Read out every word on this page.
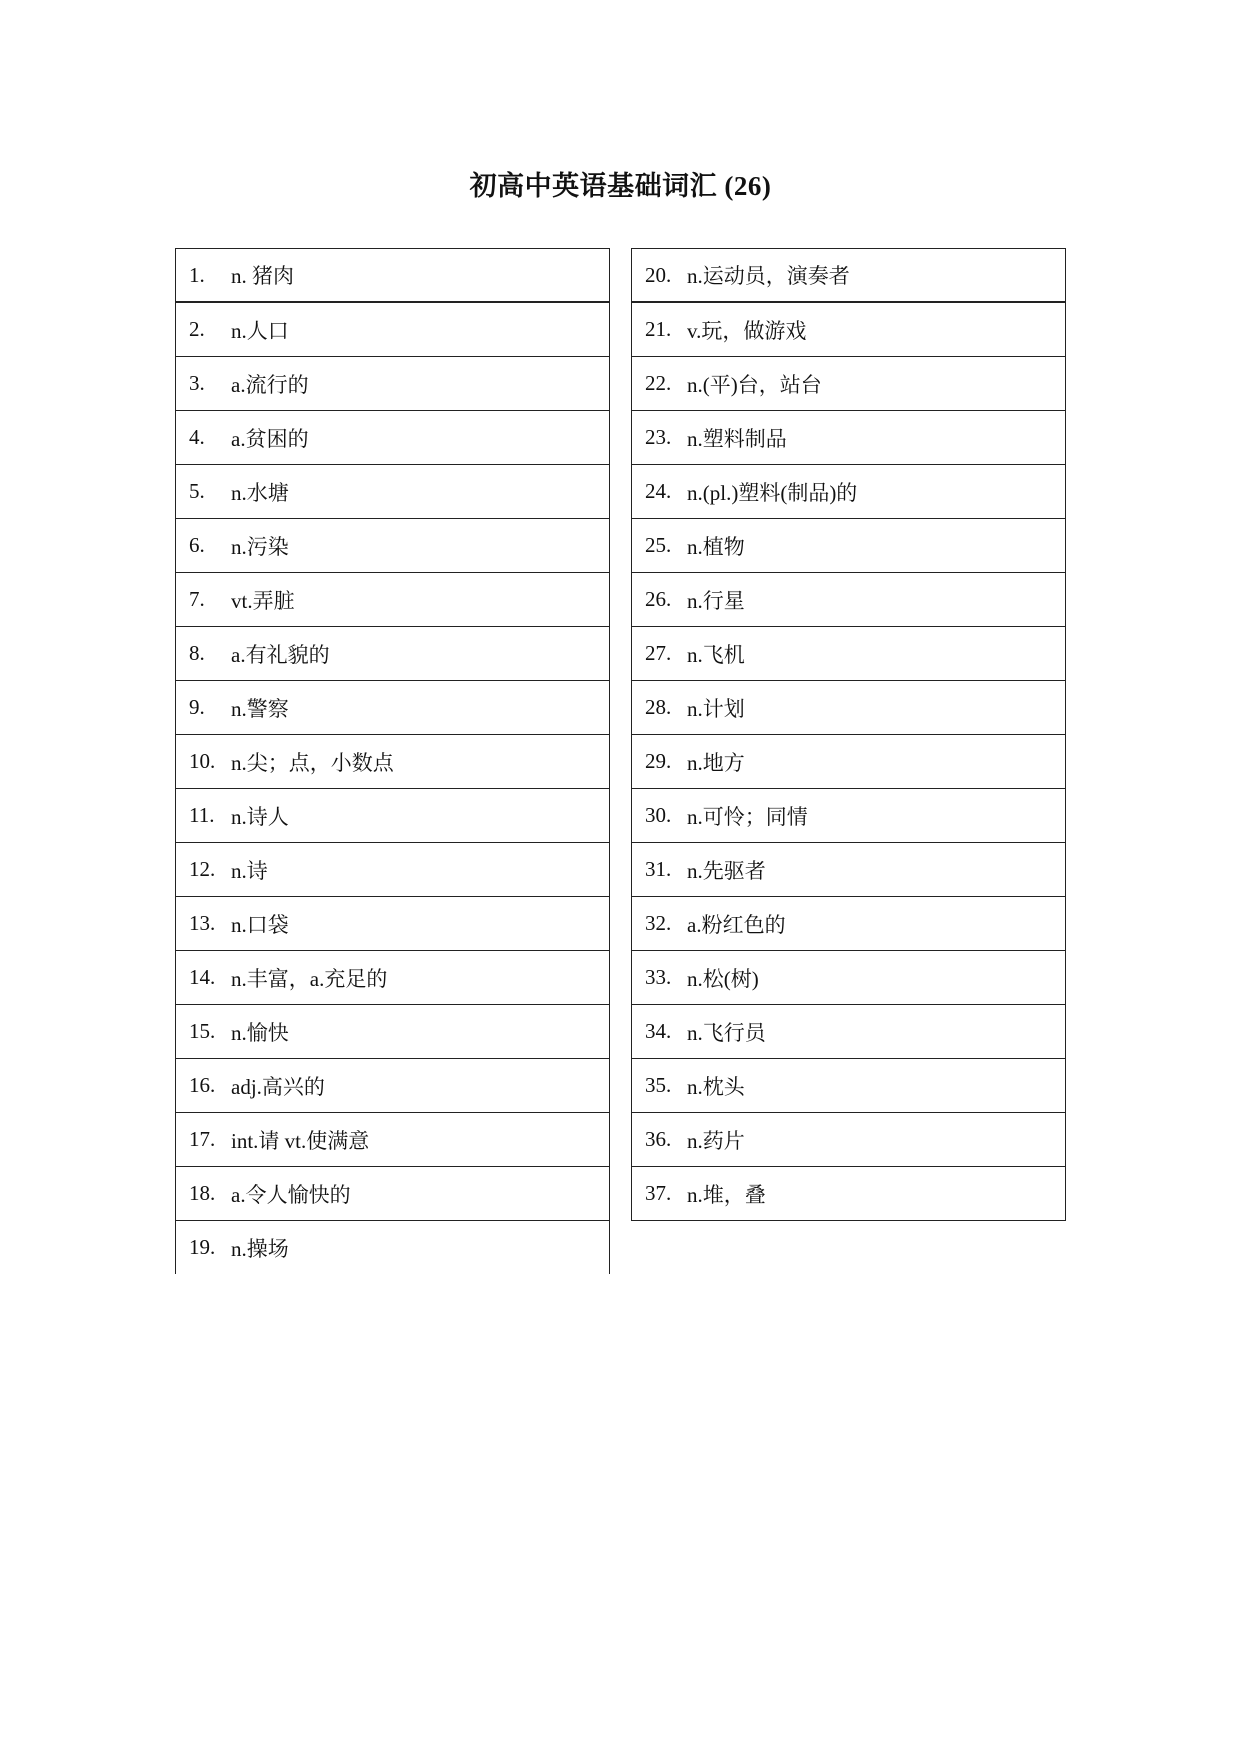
初高中英语基础词汇 (26)
1.	n. 猪肉
2.	n.人口
3.	a.流行的
4.	a.贫困的
5.	n.水塘
6.	n.污染
7.	vt.弄脏
8.	a.有礼貌的
9.	n.警察
10. n.尖；点，小数点
11. n.诗人
12. n.诗
13. n.口袋
14. n.丰富，a.充足的
15. n.愉快
16. adj.高兴的
17. int.请 vt.使满意
18. a.令人愉快的
19. n.操场
20. n.运动员，演奏者
21. v.玩，做游戏
22. n.(平)台，站台
23. n.塑料制品
24. n.(pl.)塑料(制品)的
25. n.植物
26. n.行星
27. n.飞机
28. n.计划
29. n.地方
30. n.可怜；同情
31. n.先驱者
32. a.粉红色的
33. n.松(树)
34. n.飞行员
35. n.枕头
36. n.药片
37. n.堆，叠
